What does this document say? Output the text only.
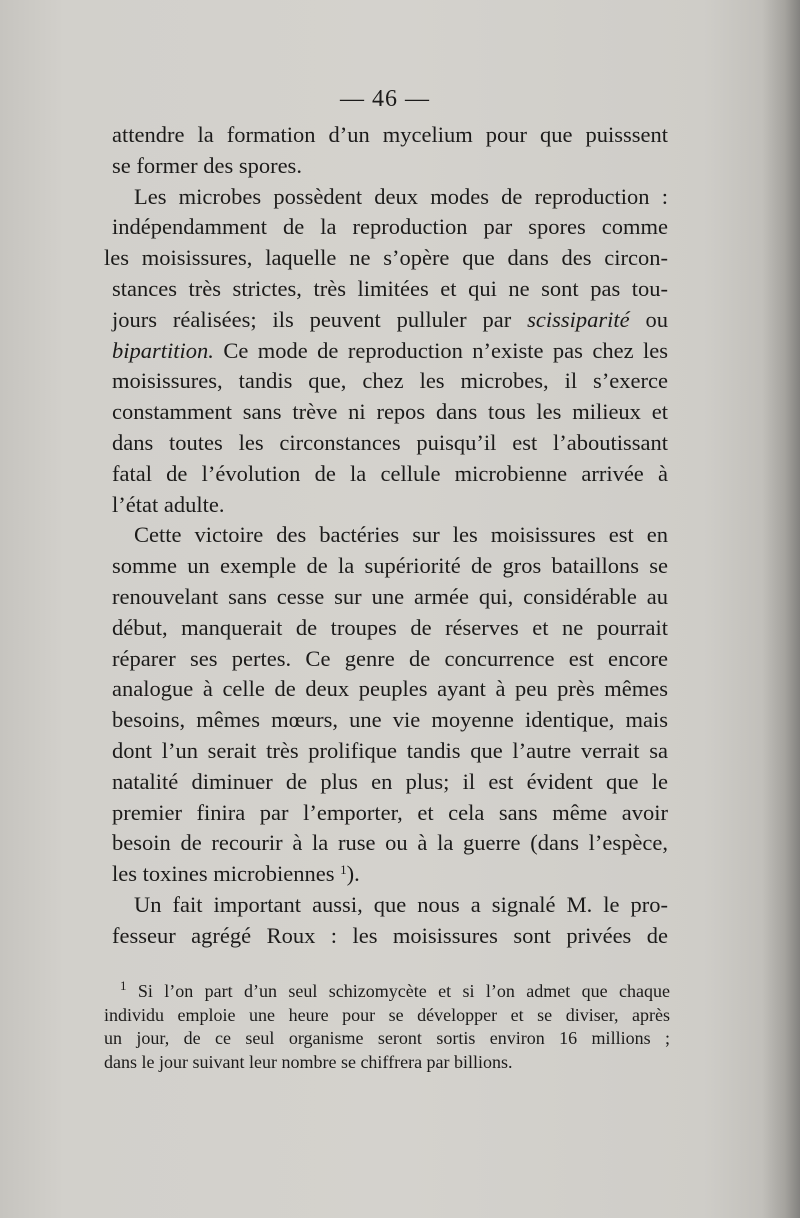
— 46 —
attendre la formation d’un mycelium pour que puisssent
se former des spores.
Les microbes possèdent deux modes de reproduction :
indépendamment de la reproduction par spores comme
les moisissures, laquelle ne s’opère que dans des circon-
stances très strictes, très limitées et qui ne sont pas tou-
jours réalisées; ils peuvent pulluler par scissiparité ou
bipartition. Ce mode de reproduction n’existe pas chez les
moisissures, tandis que, chez les microbes, il s’exerce
constamment sans trève ni repos dans tous les milieux et
dans toutes les circonstances puisqu’il est l’aboutissant
fatal de l’évolution de la cellule microbienne arrivée à
l’état adulte.
Cette victoire des bactéries sur les moisissures est en
somme un exemple de la supériorité de gros bataillons se
renouvelant sans cesse sur une armée qui, considérable au
début, manquerait de troupes de réserves et ne pourrait
réparer ses pertes. Ce genre de concurrence est encore
analogue à celle de deux peuples ayant à peu près mêmes
besoins, mêmes mœurs, une vie moyenne identique, mais
dont l’un serait très prolifique tandis que l’autre verrait sa
natalité diminuer de plus en plus; il est évident que le
premier finira par l’emporter, et cela sans même avoir
besoin de recourir à la ruse ou à la guerre (dans l’espèce,
les toxines microbiennes $^1$).
Un fait important aussi, que nous a signalé M. le pro-
fesseur agrégé Roux : les moisissures sont privées de
$^1$ Si l’on part d’un seul schizomycète et si l’on admet que chaque
individu emploie une heure pour se développer et se diviser, après
un jour, de ce seul organisme seront sortis environ 16 millions ;
dans le jour suivant leur nombre se chiffrera par billions.
